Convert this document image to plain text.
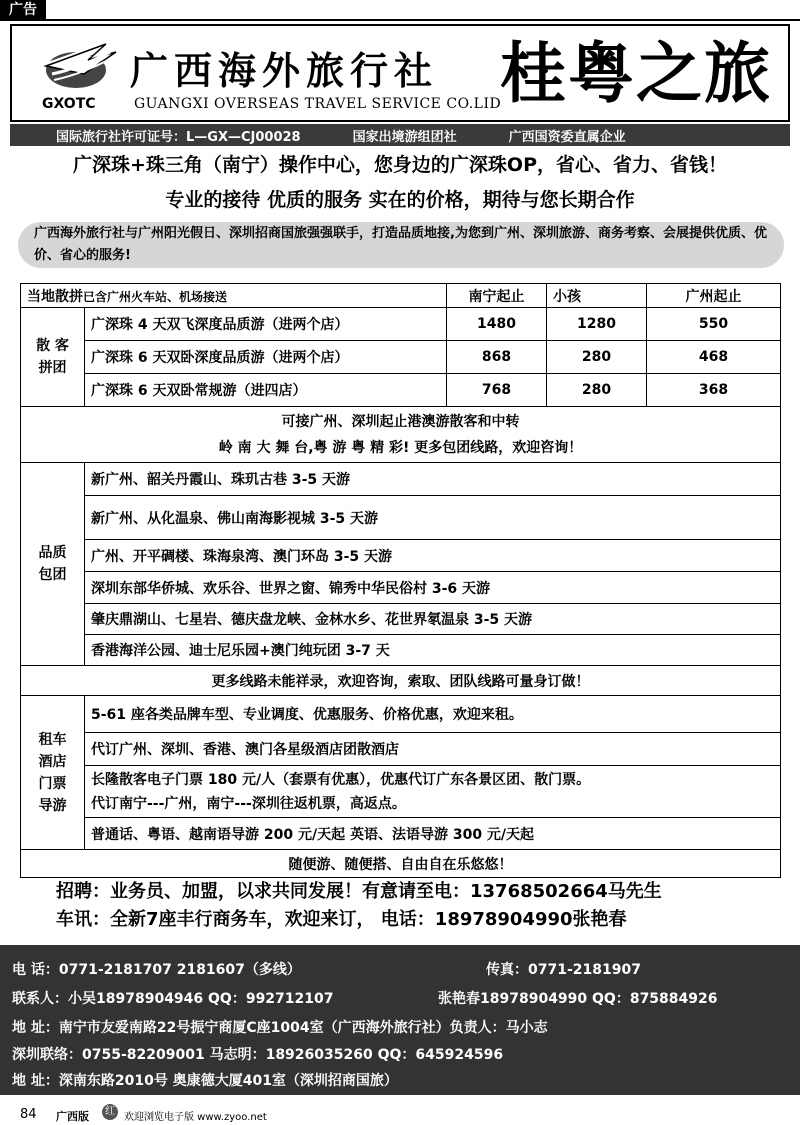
广告
广西海外旅行社
GXOTC	GUANGXI OVERSEAS TRAVEL SERVICE CO.LID
桂粤之旅
国际旅行社许可证号：L—GX—CJ00028	国家出境游组团社	广西国资委直属企业
广深珠+珠三角（南宁）操作中心，您身边的广深珠OP，省心、省力、省钱！
专业的接待 优质的服务 实在的价格，期待与您长期合作
广西海外旅行社与广州阳光假日、深圳招商国旅强强联手，打造品质地接,为您到广州、深圳旅游、商务考察、会展提供优质、优价、省心的服务!
当地散拼已含广州火车站、机场接送		南宁起止	小孩	广州起止

散 客
拼团	广深珠 4 天双飞深度品质游（进两个店）	1480	1280	550
	广深珠 6 天双卧深度品质游（进两个店）	868	280	468
	广深珠 6 天双卧常规游（进四店）	768	280	368

可接广州、深圳起止港澳游散客和中转
岭 南 大 舞 台,粤 游 粤 精 彩! 更多包团线路，欢迎咨询！				

品质
包团	新广州、韶关丹霞山、珠玑古巷 3-5 天游			
	新广州、从化温泉、佛山南海影视城 3-5 天游			
	广州、开平碉楼、珠海泉湾、澳门环岛 3-5 天游			
	深圳东部华侨城、欢乐谷、世界之窗、锦秀中华民俗村 3-6 天游			
	肇庆鼎湖山、七星岩、德庆盘龙峡、金林水乡、花世界氡温泉 3-5 天游			
	香港海洋公园、迪士尼乐园+澳门纯玩团 3-7 天			
更多线路未能祥录，欢迎咨询，索取、团队线路可量身订做！				

租车
酒店
门票
导游	5-61 座各类品牌车型、专业调度、优惠服务、价格优惠，欢迎来租。			
	代订广州、深圳、香港、澳门各星级酒店团散酒店			

	长隆散客电子门票 180 元/人（套票有优惠），优惠代订广东各景区团、散门票。
代订南宁---广州，南宁---深圳往返机票，高返点。			

	普通话、粤语、越南语导游 200 元/天起 英语、法语导游 300 元/天起			
随便游、随便搭、自由自在乐悠悠！				
招聘：业务员、加盟，以求共同发展！有意请至电：13768502664马先生
车讯：全新7座丰行商务车，欢迎来订， 电话：18978904990张艳春
电 话：0771-2181707 2181607（多线）	传真：0771-2181907
联系人：小吴18978904946 QQ：992712107	张艳春18978904990 QQ：875884926
地 址：南宁市友爱南路22号振宁商厦C座1004室（广西海外旅行社）负责人：马小志
深圳联络：0755-82209001 马志明：18926035260 QQ：645924596
地 址：深南东路2010号 奥康德大厦401室（深圳招商国旅）
84 广西版	红
欢迎浏览电子版 www.zyoo.net
